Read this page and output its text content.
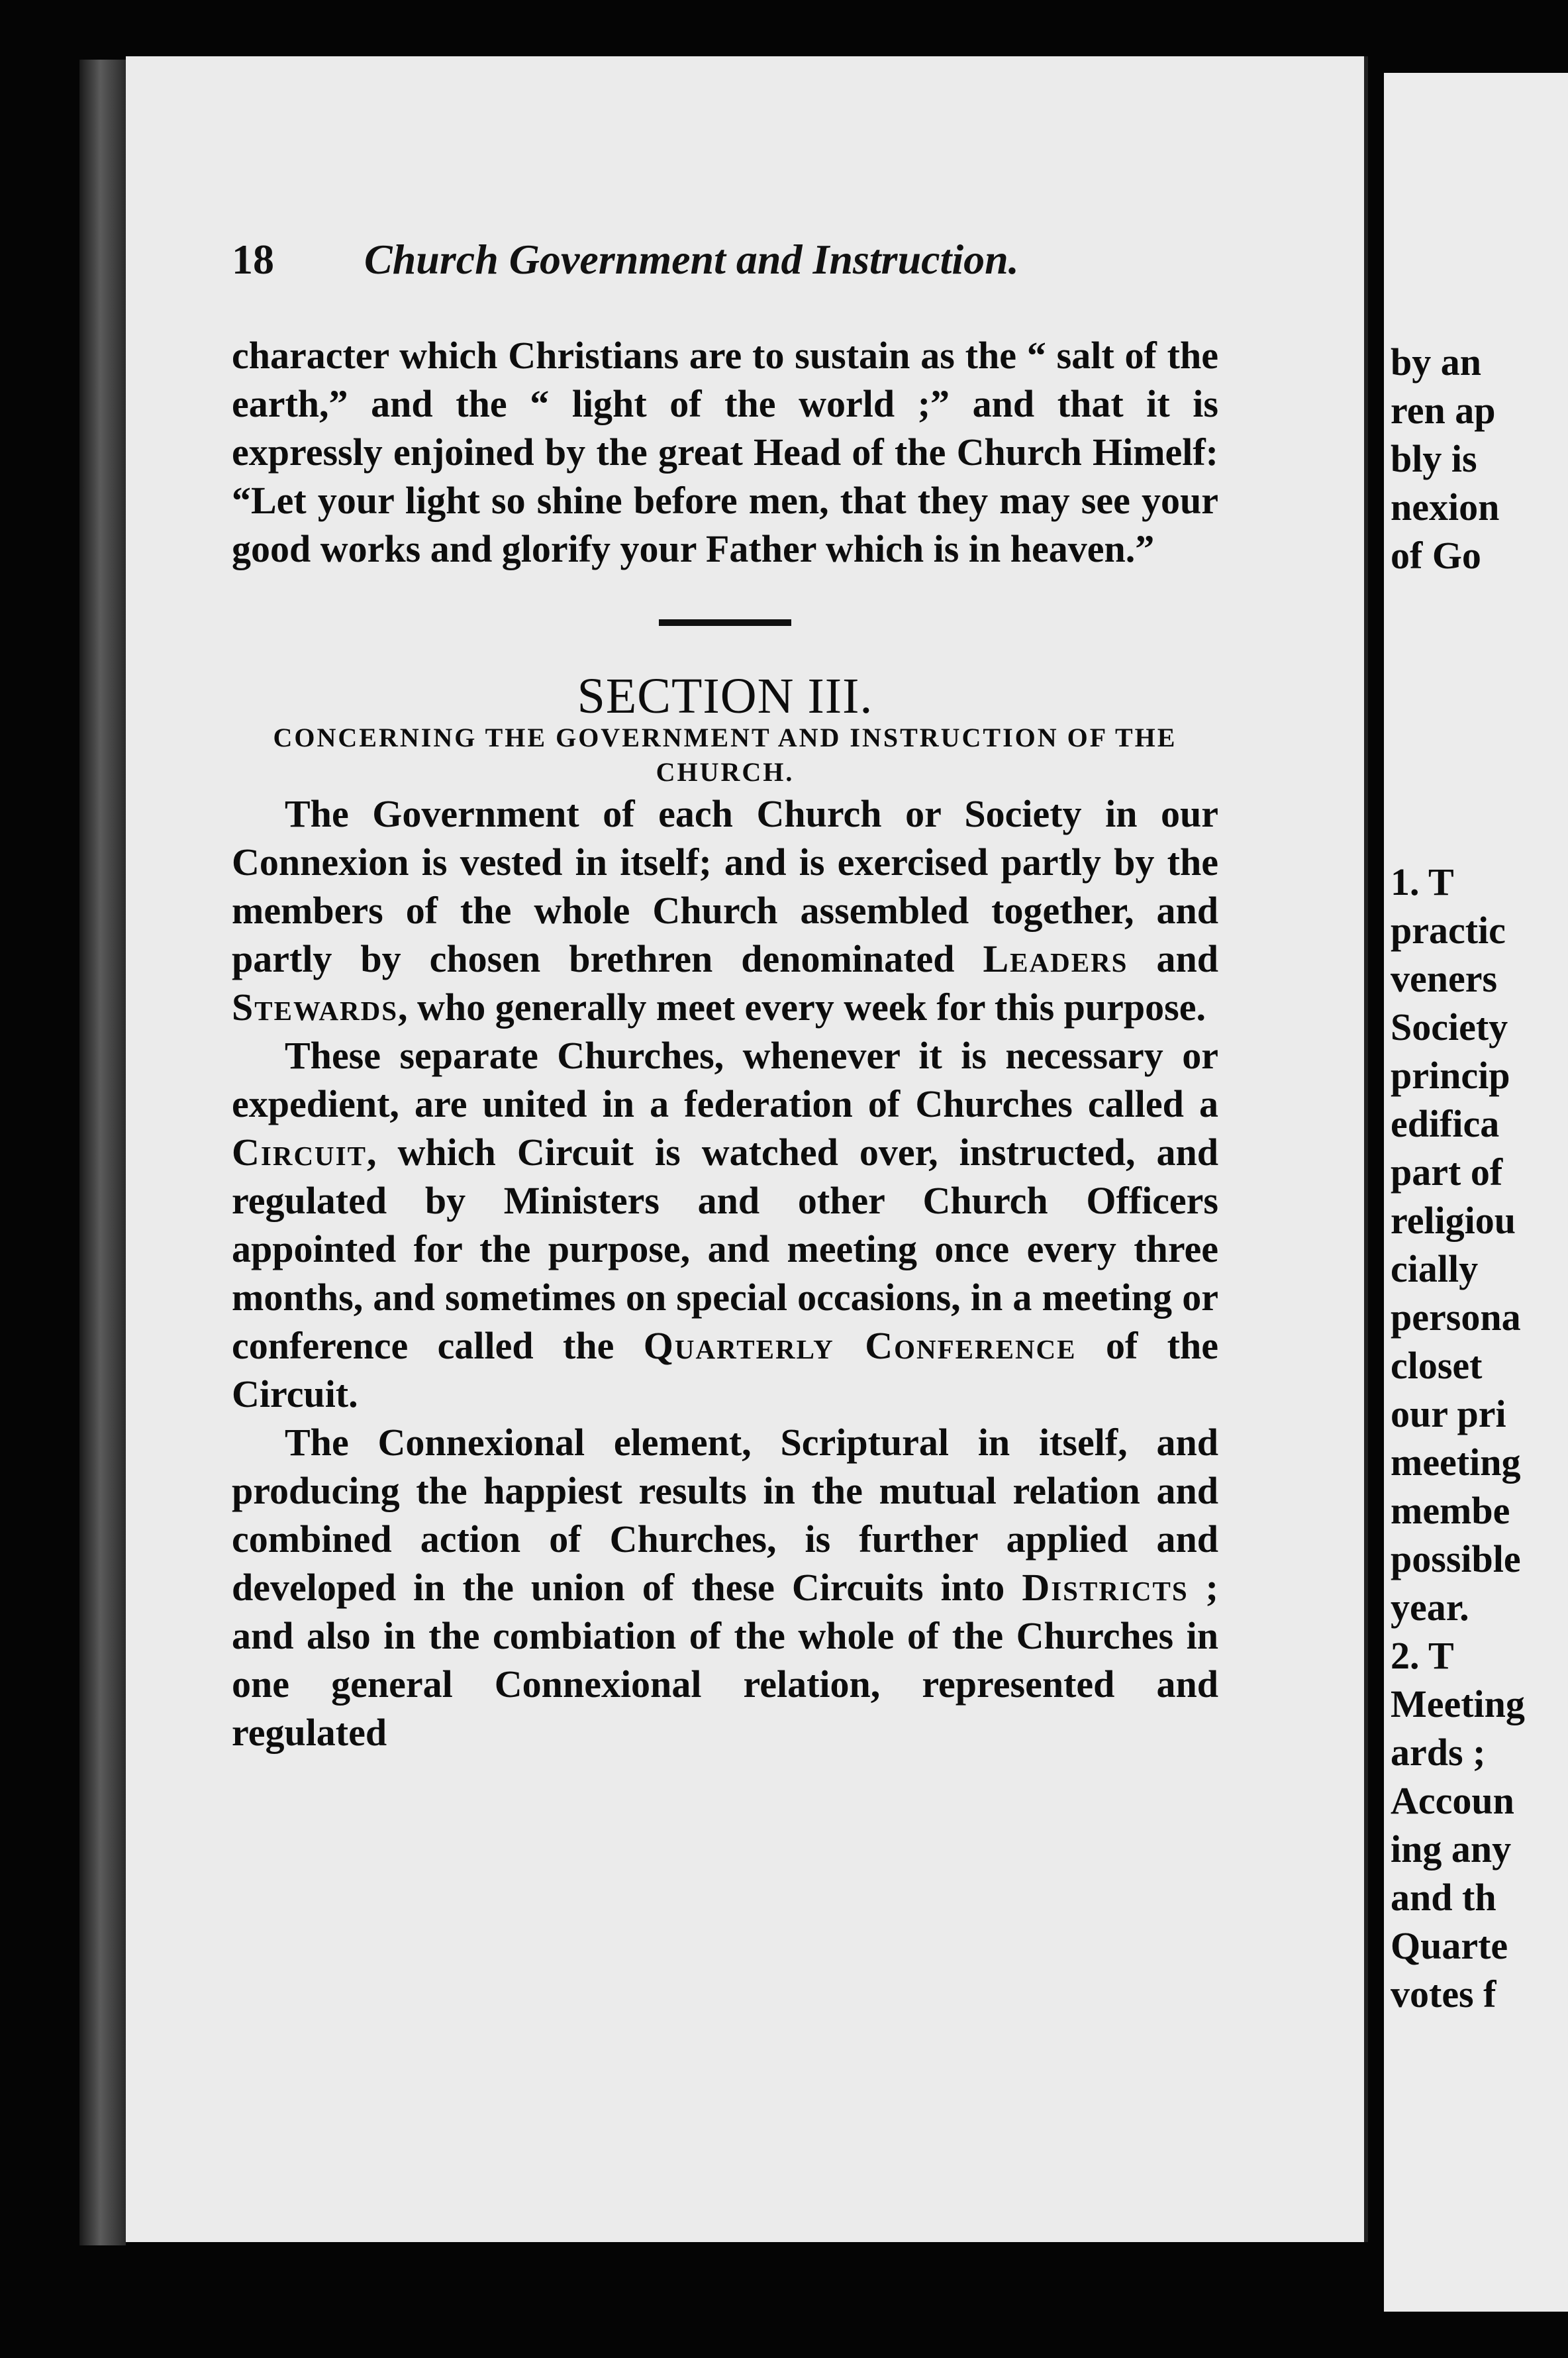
18 Church Government and Instruction.

character which Christians are to sustain as the “ salt of the earth,” and the “ light of the world ;” and that it is expressly enjoined by the great Head of the Church Himelf: “Let your light so shine before men, that they may see your good works and glorify your Father which is in heaven.”

SECTION III.

CONCERNING THE GOVERNMENT AND INSTRUCTION OF THE CHURCH.

The Government of each Church or Society in our Connexion is vested in itself; and is exercised partly by the members of the whole Church assembled together, and partly by chosen brethren denominated Leaders and Stewards, who generally meet every week for this purpose.

These separate Churches, whenever it is necessary or expedient, are united in a federation of Churches called a Circuit, which Circuit is watched over, instructed, and regulated by Ministers and other Church Officers appointed for the purpose, and meeting once every three months, and sometimes on special occasions, in a meeting or conference called the Quarterly Conference of the Circuit.

The Connexional element, Scriptural in itself, and producing the happiest results in the mutual relation and combined action of Churches, is further applied and developed in the union of these Circuits into Districts ; and also in the combiation of the whole of the Churches in one general Connexional relation, represented and regulated

by an
ren ap
bly is
nexion
of Go
1. T
practic
veners
Society
princip
edifica
part of
religiou
cially
persona
closet
our pri
meeting
membe
possible
year.
2. T
Meeting
ards ;
Accoun
ing any
and th
Quarte
votes f
